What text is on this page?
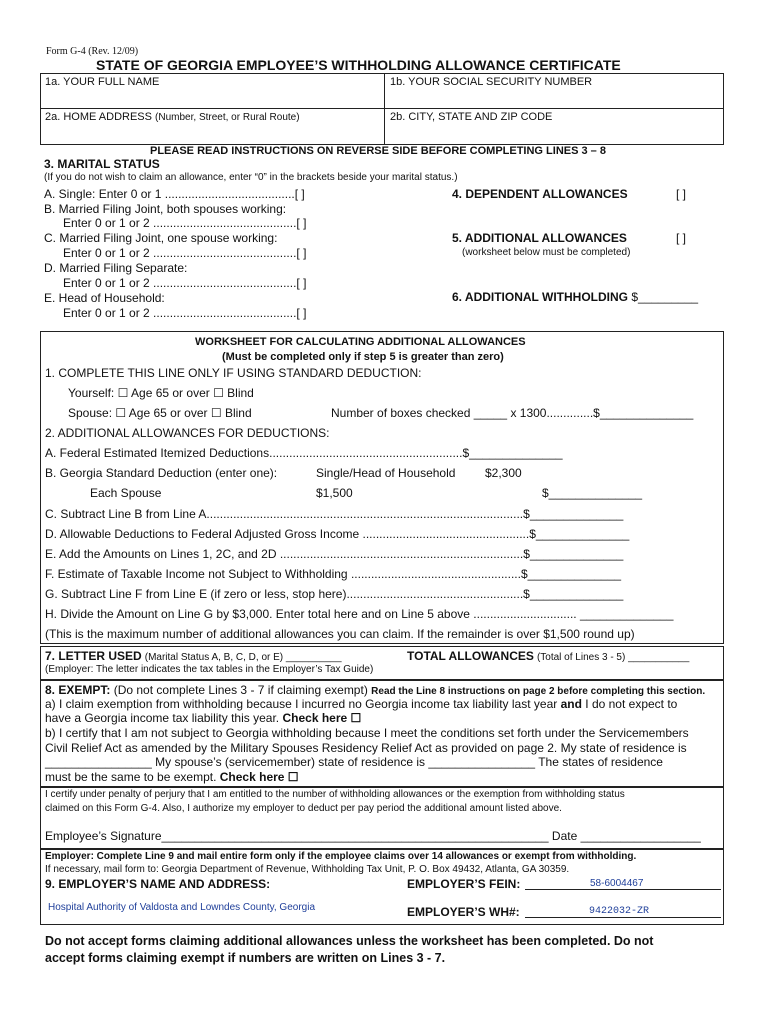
Form G-4 (Rev. 12/09)
STATE OF GEORGIA EMPLOYEE’S WITHHOLDING ALLOWANCE CERTIFICATE
1a. YOUR FULL NAME	1b. YOUR SOCIAL SECURITY NUMBER
2a. HOME ADDRESS (Number, Street, or Rural Route)	2b. CITY, STATE AND ZIP CODE
PLEASE READ INSTRUCTIONS ON REVERSE SIDE BEFORE COMPLETING LINES 3 – 8
3. MARITAL STATUS
(If you do not wish to claim an allowance, enter “0” in the brackets beside your marital status.)
A. Single: Enter 0 or 1 .......................................[ ]
B. Married Filing Joint, both spouses working:
Enter 0 or 1 or 2 ...........................................[ ]
C. Married Filing Joint, one spouse working:
Enter 0 or 1 or 2 ...........................................[ ]
D. Married Filing Separate:
Enter 0 or 1 or 2 ...........................................[ ]
E. Head of Household:
Enter 0 or 1 or 2 ...........................................[ ]
4. DEPENDENT ALLOWANCES	[ ]
5. ADDITIONAL ALLOWANCES	[ ]
(worksheet below must be completed)
6. ADDITIONAL WITHHOLDING $_________
WORKSHEET FOR CALCULATING ADDITIONAL ALLOWANCES
(Must be completed only if step 5 is greater than zero)
1. COMPLETE THIS LINE ONLY IF USING STANDARD DEDUCTION:
Yourself: ☐ Age 65 or over ☐ Blind
Spouse: ☐ Age 65 or over ☐ Blind	Number of boxes checked _____ x 1300..............$______________
2. ADDITIONAL ALLOWANCES FOR DEDUCTIONS:
A. Federal Estimated Itemized Deductions..........................................................$______________
B. Georgia Standard Deduction (enter one):	Single/Head of Household $2,300
Each Spouse	$1,500	$______________
C. Subtract Line B from Line A...............................................................................................$______________
D. Allowable Deductions to Federal Adjusted Gross Income ..................................................$______________
E. Add the Amounts on Lines 1, 2C, and 2D .........................................................................$______________
F. Estimate of Taxable Income not Subject to Withholding ...................................................$______________
G. Subtract Line F from Line E (if zero or less, stop here).....................................................$______________
H. Divide the Amount on Line G by $3,000. Enter total here and on Line 5 above ............................... ______________
(This is the maximum number of additional allowances you can claim. If the remainder is over $1,500 round up)
7. LETTER USED (Marital Status A, B, C, D, or E) __________	TOTAL ALLOWANCES (Total of Lines 3 - 5) ___________
(Employer: The letter indicates the tax tables in the Employer’s Tax Guide)
8. EXEMPT: (Do not complete Lines 3 - 7 if claiming exempt) Read the Line 8 instructions on page 2 before completing this section.
a) I claim exemption from withholding because I incurred no Georgia income tax liability last year and I do not expect to
have a Georgia income tax liability this year. Check here ☐
b) I certify that I am not subject to Georgia withholding because I meet the conditions set forth under the Servicemembers
Civil Relief Act as amended by the Military Spouses Residency Relief Act as provided on page 2. My state of residence is
________________ My spouse’s (servicemember) state of residence is ________________ The states of residence
must be the same to be exempt. Check here ☐
I certify under penalty of perjury that I am entitled to the number of withholding allowances or the exemption from withholding status
claimed on this Form G-4. Also, I authorize my employer to deduct per pay period the additional amount listed above.
Employee’s Signature__________________________________________________________ Date __________________
Employer: Complete Line 9 and mail entire form only if the employee claims over 14 allowances or exempt from withholding.
If necessary, mail form to: Georgia Department of Revenue, Withholding Tax Unit, P. O. Box 49432, Atlanta, GA 30359.
9. EMPLOYER’S NAME AND ADDRESS:
Hospital Authority of Valdosta and Lowndes County, Georgia
EMPLOYER’S FEIN:	58-6004467
EMPLOYER’S WH#:	9422032-ZR
Do not accept forms claiming additional allowances unless the worksheet has been completed. Do not
accept forms claiming exempt if numbers are written on Lines 3 - 7.
